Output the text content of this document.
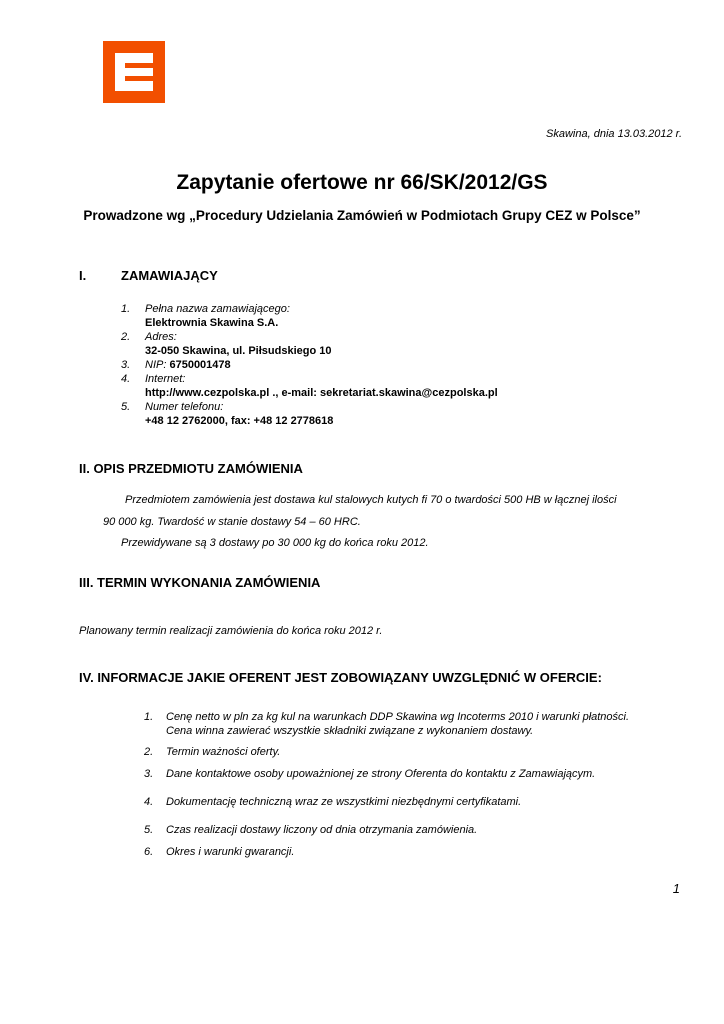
Skawina, dnia 13.03.2012 r.
Zapytanie ofertowe nr 66/SK/2012/GS
Prowadzone wg „Procedury Udzielania Zamówień w Podmiotach Grupy CEZ w Polsce”
I.	ZAMAWIAJĄCY
1.	Pełna nazwa zamawiającego:
Elektrownia Skawina S.A.
2.	Adres:
32-050 Skawina, ul. Piłsudskiego 10
3.	NIP:
6750001478
4.	Internet:
http://www.cezpolska.pl ., e-mail: sekretariat.skawina@cezpolska.pl
5.	Numer telefonu:
+48 12 2762000, fax: +48 12 2778618
II. OPIS PRZEDMIOTU ZAMÓWIENIA
Przedmiotem zamówienia jest dostawa kul stalowych kutych fi 70 o twardości 500 HB w łącznej ilości
90 000 kg. Twardość w stanie dostawy 54 – 60 HRC.
Przewidywane są 3 dostawy po 30 000 kg do końca roku 2012.
III. TERMIN WYKONANIA ZAMÓWIENIA
Planowany termin realizacji zamówienia do końca roku 2012 r.
IV. INFORMACJE JAKIE OFERENT JEST ZOBOWIĄZANY UWZGLĘDNIĆ W OFERCIE:
1.	Cenę netto w pln za kg kul na warunkach DDP Skawina wg Incoterms 2010 i warunki płatności.
Cena winna zawierać wszystkie składniki związane z wykonaniem dostawy.
2.	Termin ważności oferty.
3.	Dane kontaktowe osoby upoważnionej ze strony Oferenta do kontaktu z Zamawiającym.
4.	Dokumentację techniczną wraz ze wszystkimi niezbędnymi certyfikatami.
5.	Czas realizacji dostawy liczony od dnia otrzymania zamówienia.
6.	Okres i warunki gwarancji.
1
